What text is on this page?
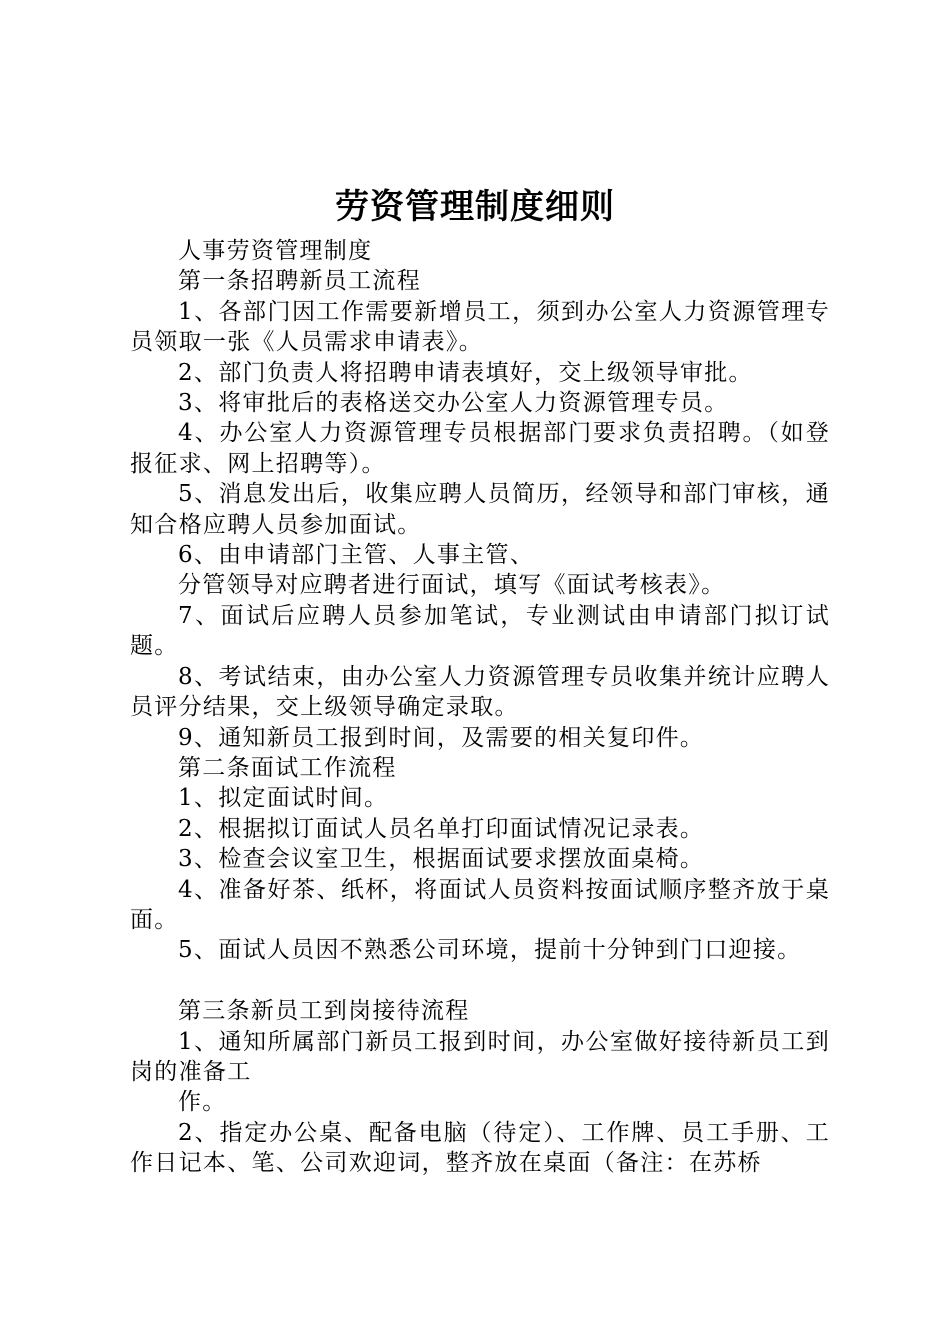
劳资管理制度细则

人事劳资管理制度

第一条招聘新员工流程

1、各部门因工作需要新增员工，须到办公室人力资源管理专员领取一张《人员需求申请表》。

2、部门负责人将招聘申请表填好，交上级领导审批。

3、将审批后的表格送交办公室人力资源管理专员。

4、办公室人力资源管理专员根据部门要求负责招聘。（如登报征求、网上招聘等）。

5、消息发出后，收集应聘人员简历，经领导和部门审核，通知合格应聘人员参加面试。

6、由申请部门主管、人事主管、

分管领导对应聘者进行面试，填写《面试考核表》。

7、面试后应聘人员参加笔试，专业测试由申请部门拟订试题。

8、考试结束，由办公室人力资源管理专员收集并统计应聘人员评分结果，交上级领导确定录取。

9、通知新员工报到时间，及需要的相关复印件。

第二条面试工作流程

1、拟定面试时间。

2、根据拟订面试人员名单打印面试情况记录表。

3、检查会议室卫生，根据面试要求摆放面桌椅。

4、准备好茶、纸杯，将面试人员资料按面试顺序整齐放于桌面。

5、面试人员因不熟悉公司环境，提前十分钟到门口迎接。

第三条新员工到岗接待流程

1、通知所属部门新员工报到时间，办公室做好接待新员工到岗的准备工

作。

2、指定办公桌、配备电脑（待定）、工作牌、员工手册、工作日记本、笔、公司欢迎词，整齐放在桌面（备注：在苏桥
